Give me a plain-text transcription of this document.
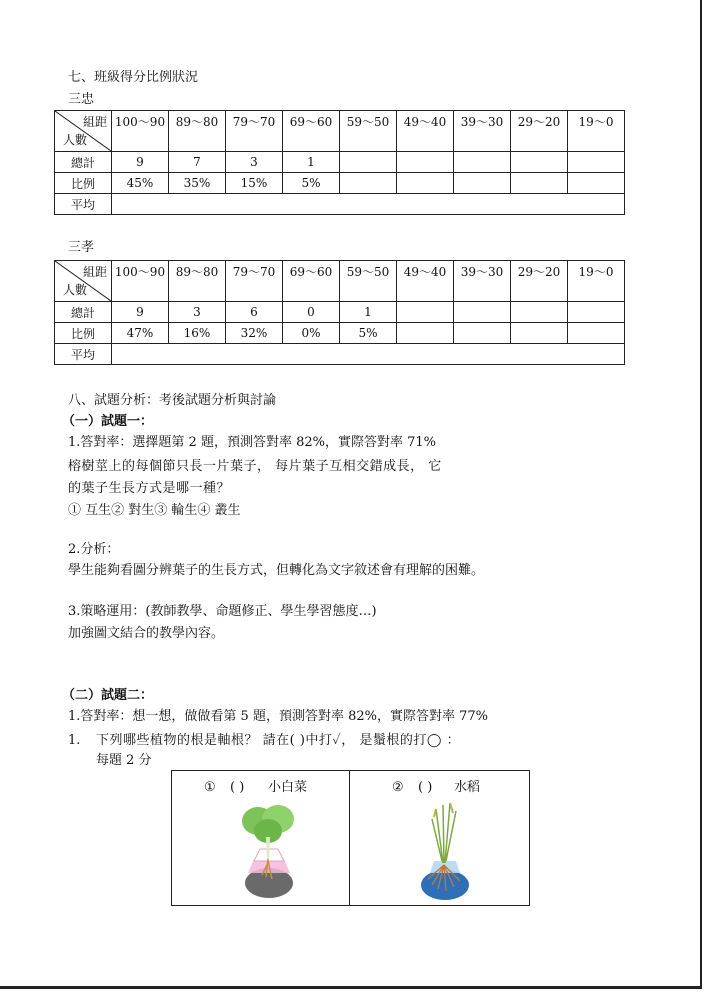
七、班級得分比例狀況
三忠
組距
人數	100～90	89～80	79～70	69～60	59～50	49～40	39～30	29～20	19～0
總計	9	7	3	1					
比例	45%	35%	15%	5%					
平均									
三孝
組距
人數	100～90	89～80	79～70	69～60	59～50	49～40	39～30	29～20	19～0
總計	9	3	6	0	1				
比例	47%	16%	32%	0%	5%				
平均									
八、試題分析：考後試題分析與討論
（一）試題一：
1.答對率：選擇題第 2 題，預測答對率 82%，實際答對率 71%
榕樹莖上的每個節只長一片葉子， 每片葉子互相交錯成長， 它
的葉子生長方式是哪一種？
① 互生② 對生③ 輪生④ 叢生
2.分析：
學生能夠看圖分辨葉子的生長方式，但轉化為文字敘述會有理解的困難。
3.策略運用：(教師教學、命題修正、學生學習態度…)
加強圖文結合的教學內容。
（二）試題二：
1.答對率：想一想，做做看第 5 題，預測答對率 82%，實際答對率 77%
1. 下列哪些植物的根是軸根？ 請在( )中打✓， 是鬚根的打◯ ：
每題 2 分
① ( ) 小白菜	② ( ) 水稻
